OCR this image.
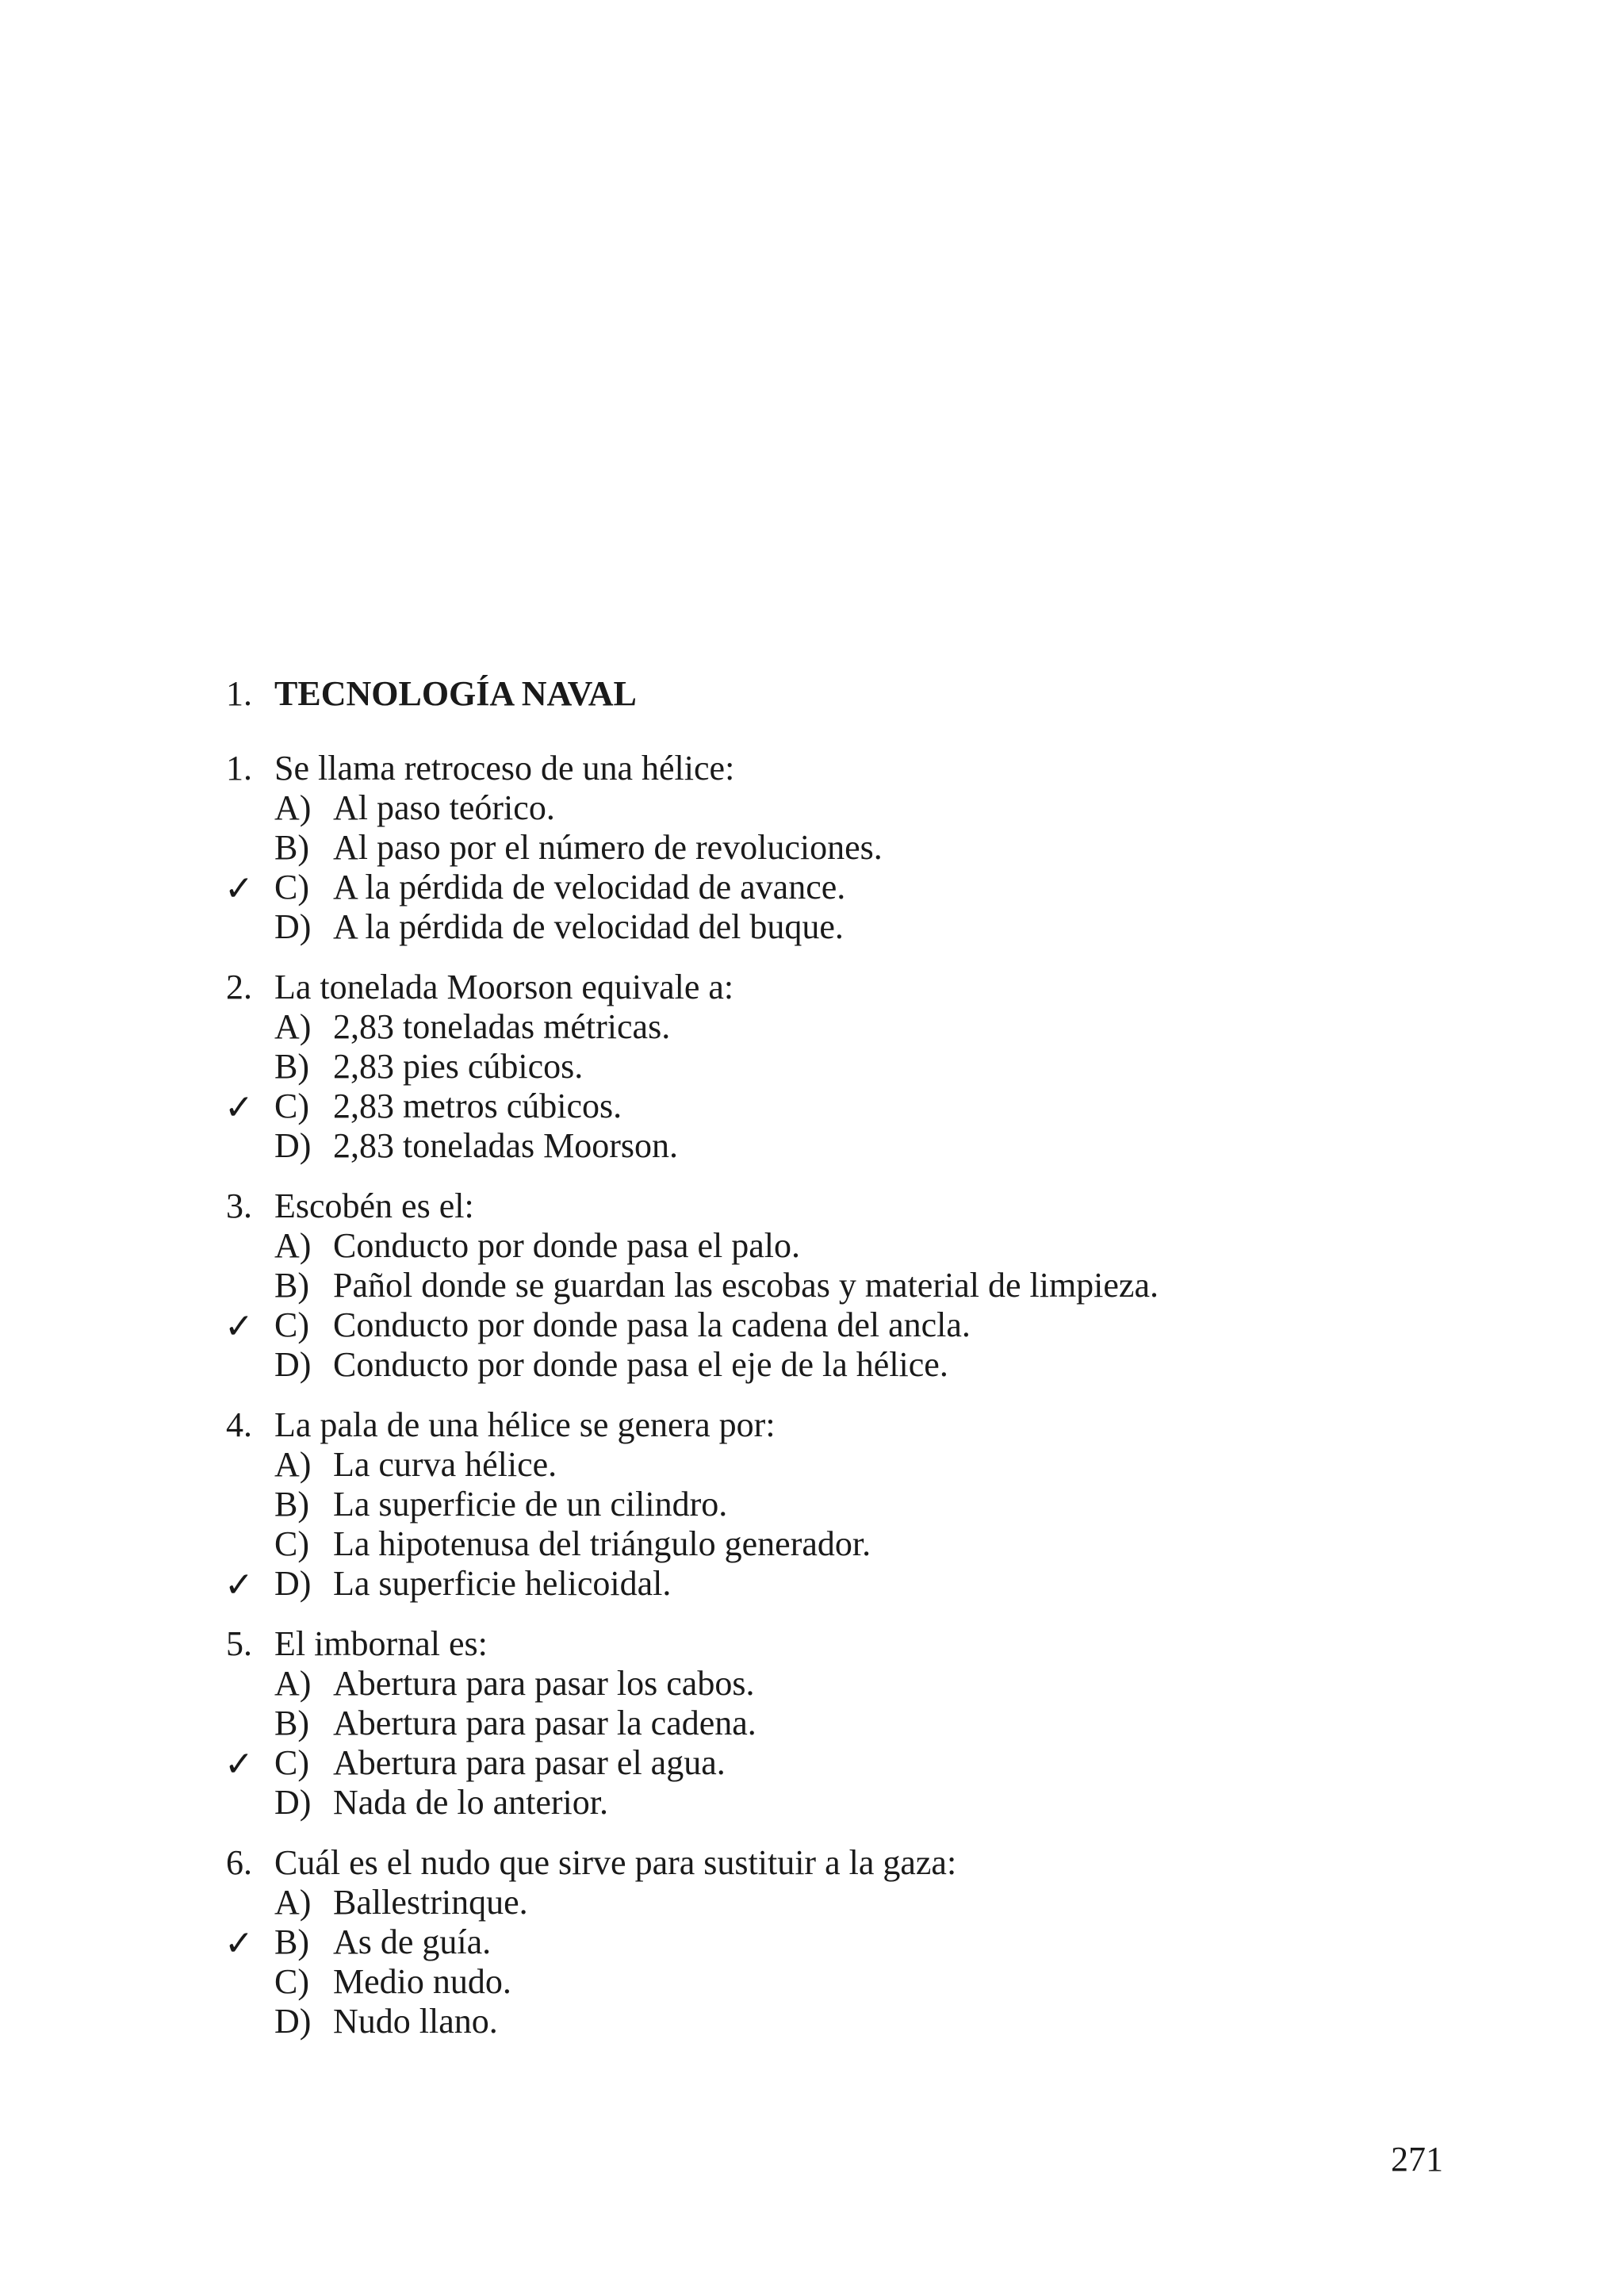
1. TECNOLOGÍA NAVAL
1. Se llama retroceso de una hélice:
A) Al paso teórico.
B) Al paso por el número de revoluciones.
✓ C) A la pérdida de velocidad de avance.
D) A la pérdida de velocidad del buque.
2. La tonelada Moorson equivale a:
A) 2,83 toneladas métricas.
B) 2,83 pies cúbicos.
✓ C) 2,83 metros cúbicos.
D) 2,83 toneladas Moorson.
3. Escobén es el:
A) Conducto por donde pasa el palo.
B) Pañol donde se guardan las escobas y material de limpieza.
✓ C) Conducto por donde pasa la cadena del ancla.
D) Conducto por donde pasa el eje de la hélice.
4. La pala de una hélice se genera por:
A) La curva hélice.
B) La superficie de un cilindro.
C) La hipotenusa del triángulo generador.
✓ D) La superficie helicoidal.
5. El imbornal es:
A) Abertura para pasar los cabos.
B) Abertura para pasar la cadena.
✓ C) Abertura para pasar el agua.
D) Nada de lo anterior.
6. Cuál es el nudo que sirve para sustituir a la gaza:
A) Ballestrinque.
✓ B) As de guía.
C) Medio nudo.
D) Nudo llano.
271
